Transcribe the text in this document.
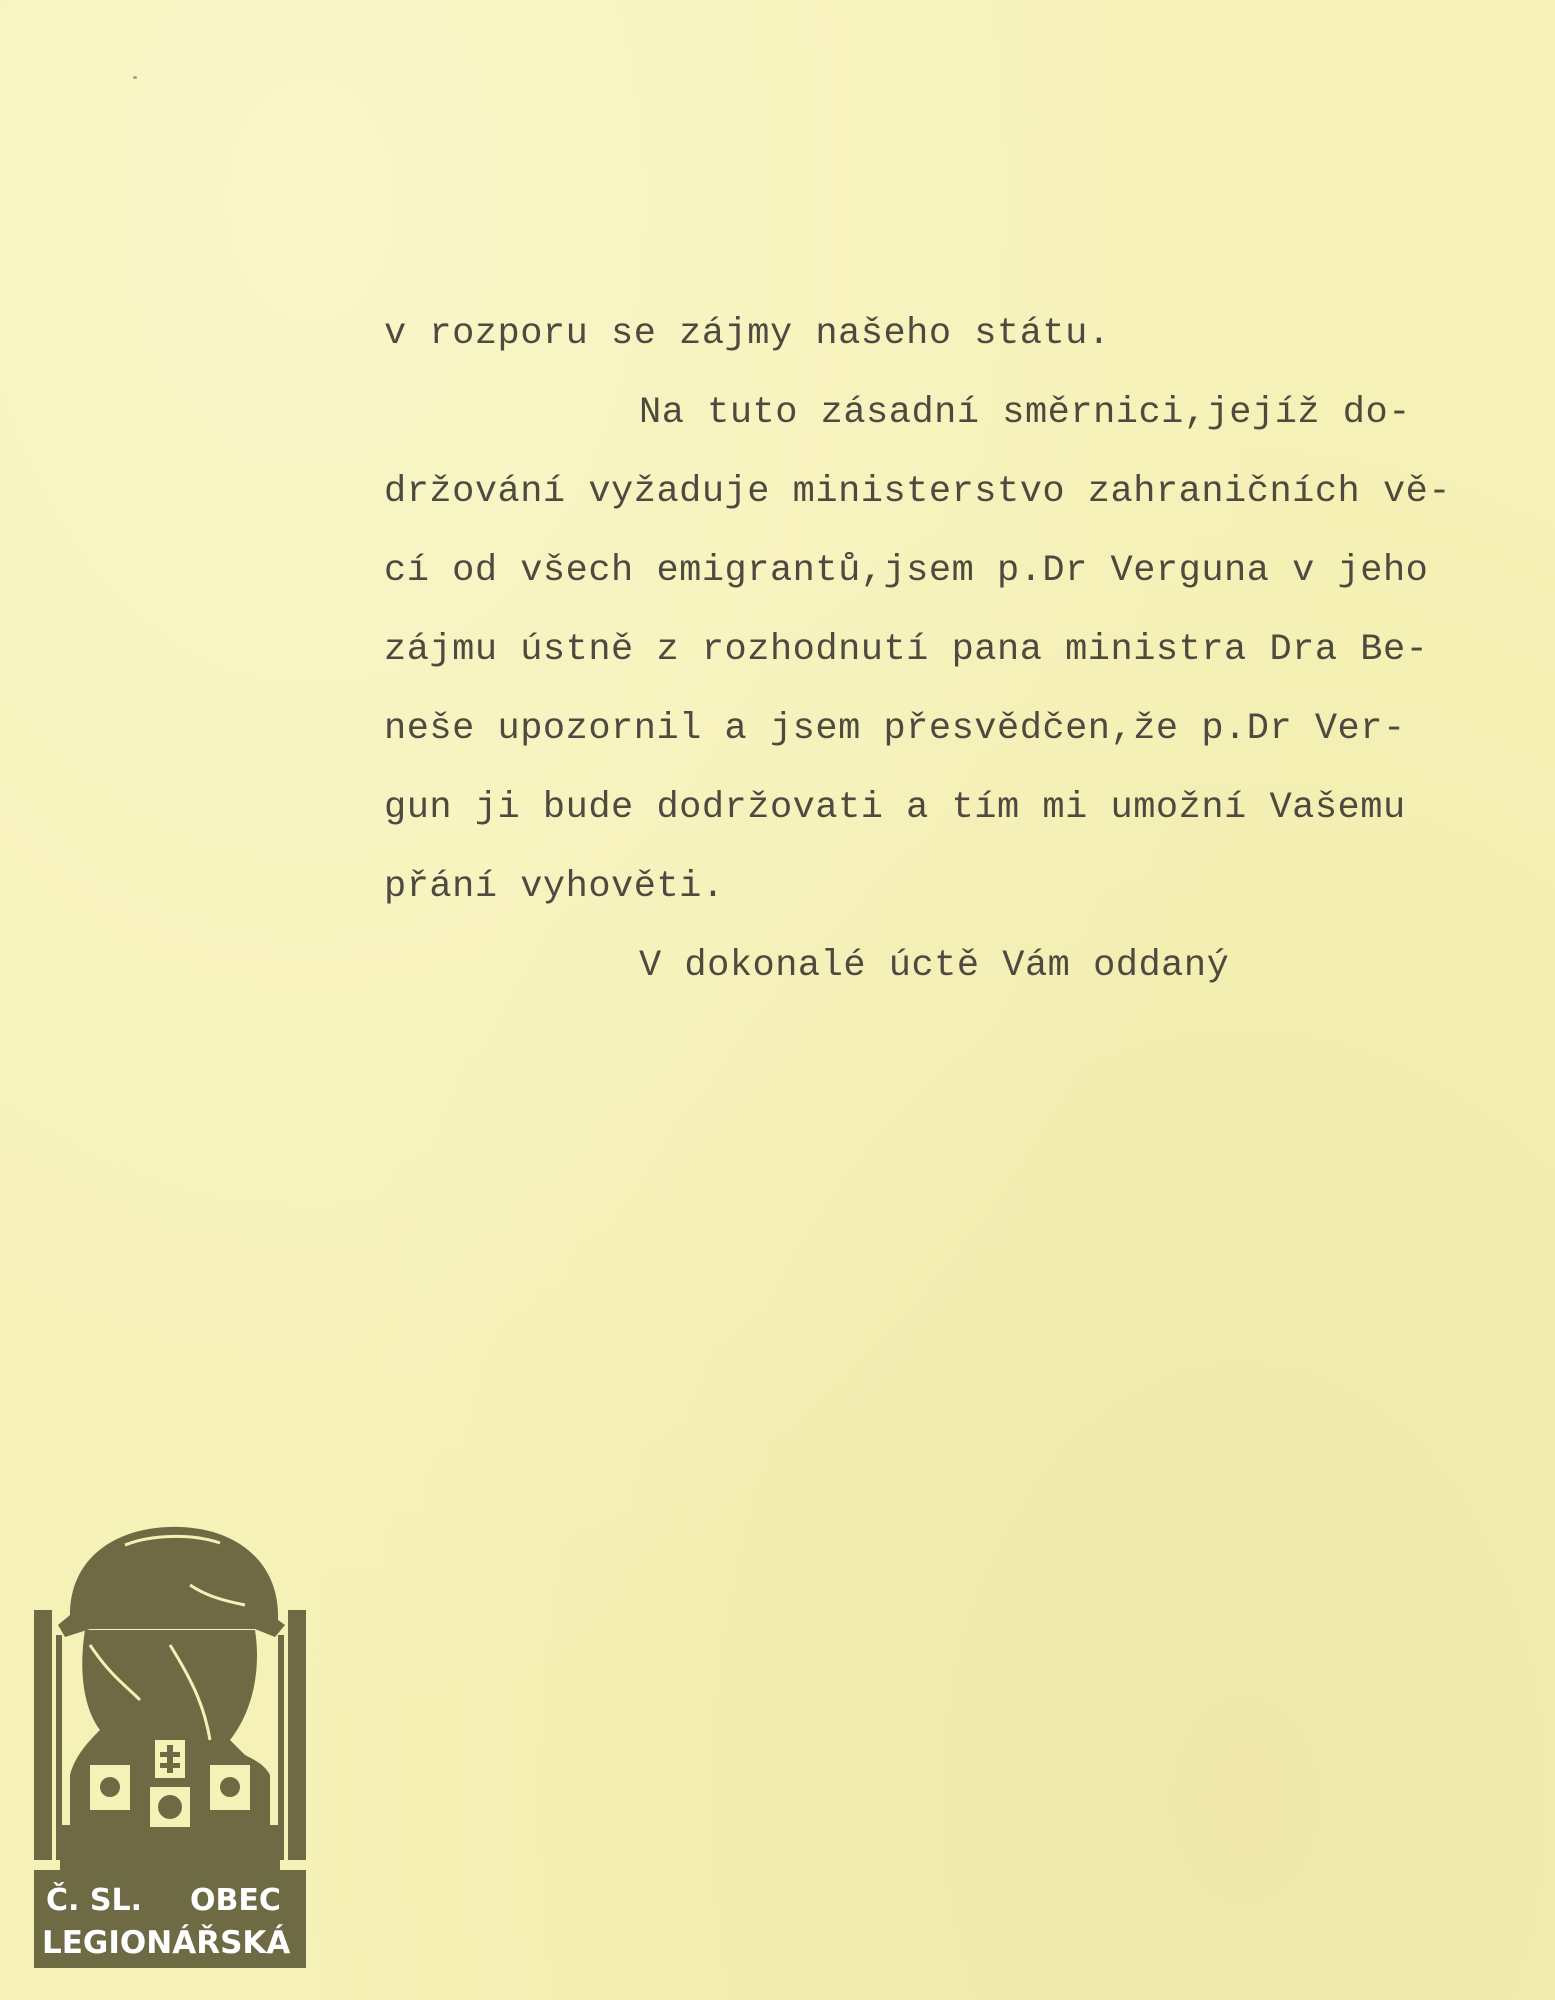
v rozporu se zájmy našeho státu.
Na tuto zásadní směrnici,jejíž do-
držování vyžaduje ministerstvo zahraničních vě-
cí od všech emigrantů,jsem p.Dr Verguna v jeho
zájmu ústně z rozhodnutí pana ministra Dra Be-
neše upozornil a jsem přesvědčen,že p.Dr Ver-
gun ji bude dodržovati a tím mi umožní Vašemu
přání vyhověti.
V dokonalé úctě Vám oddaný
Č. SL. OBEC
LEGIONÁŘSKÁ
